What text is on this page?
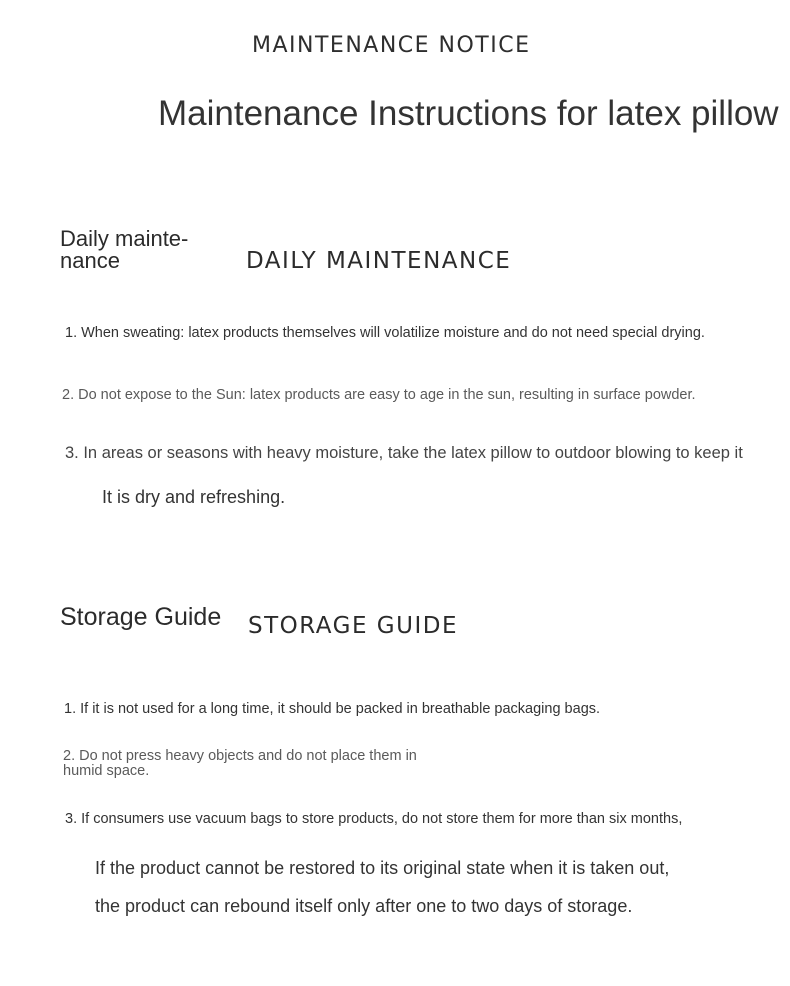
MAINTENANCE NOTICE
Maintenance Instructions for latex pillow
Daily mainte- nance	DAILY MAINTENANCE

1. When sweating: latex products themselves will volatilize moisture and do not need special drying.

2. Do not expose to the Sun: latex products are easy to age in the sun, resulting in surface powder.

3. In areas or seasons with heavy moisture, take the latex pillow to outdoor blowing to keep it

It is dry and refreshing.

Storage Guide STORAGE GUIDE

1. If it is not used for a long time, it should be packed in breathable packaging bags.

2. Do not press heavy objects and do not place them in humid space.

3. If consumers use vacuum bags to store products, do not store them for more than six months,

If the product cannot be restored to its original state when it is taken out,

the product can rebound itself only after one to two days of storage.
